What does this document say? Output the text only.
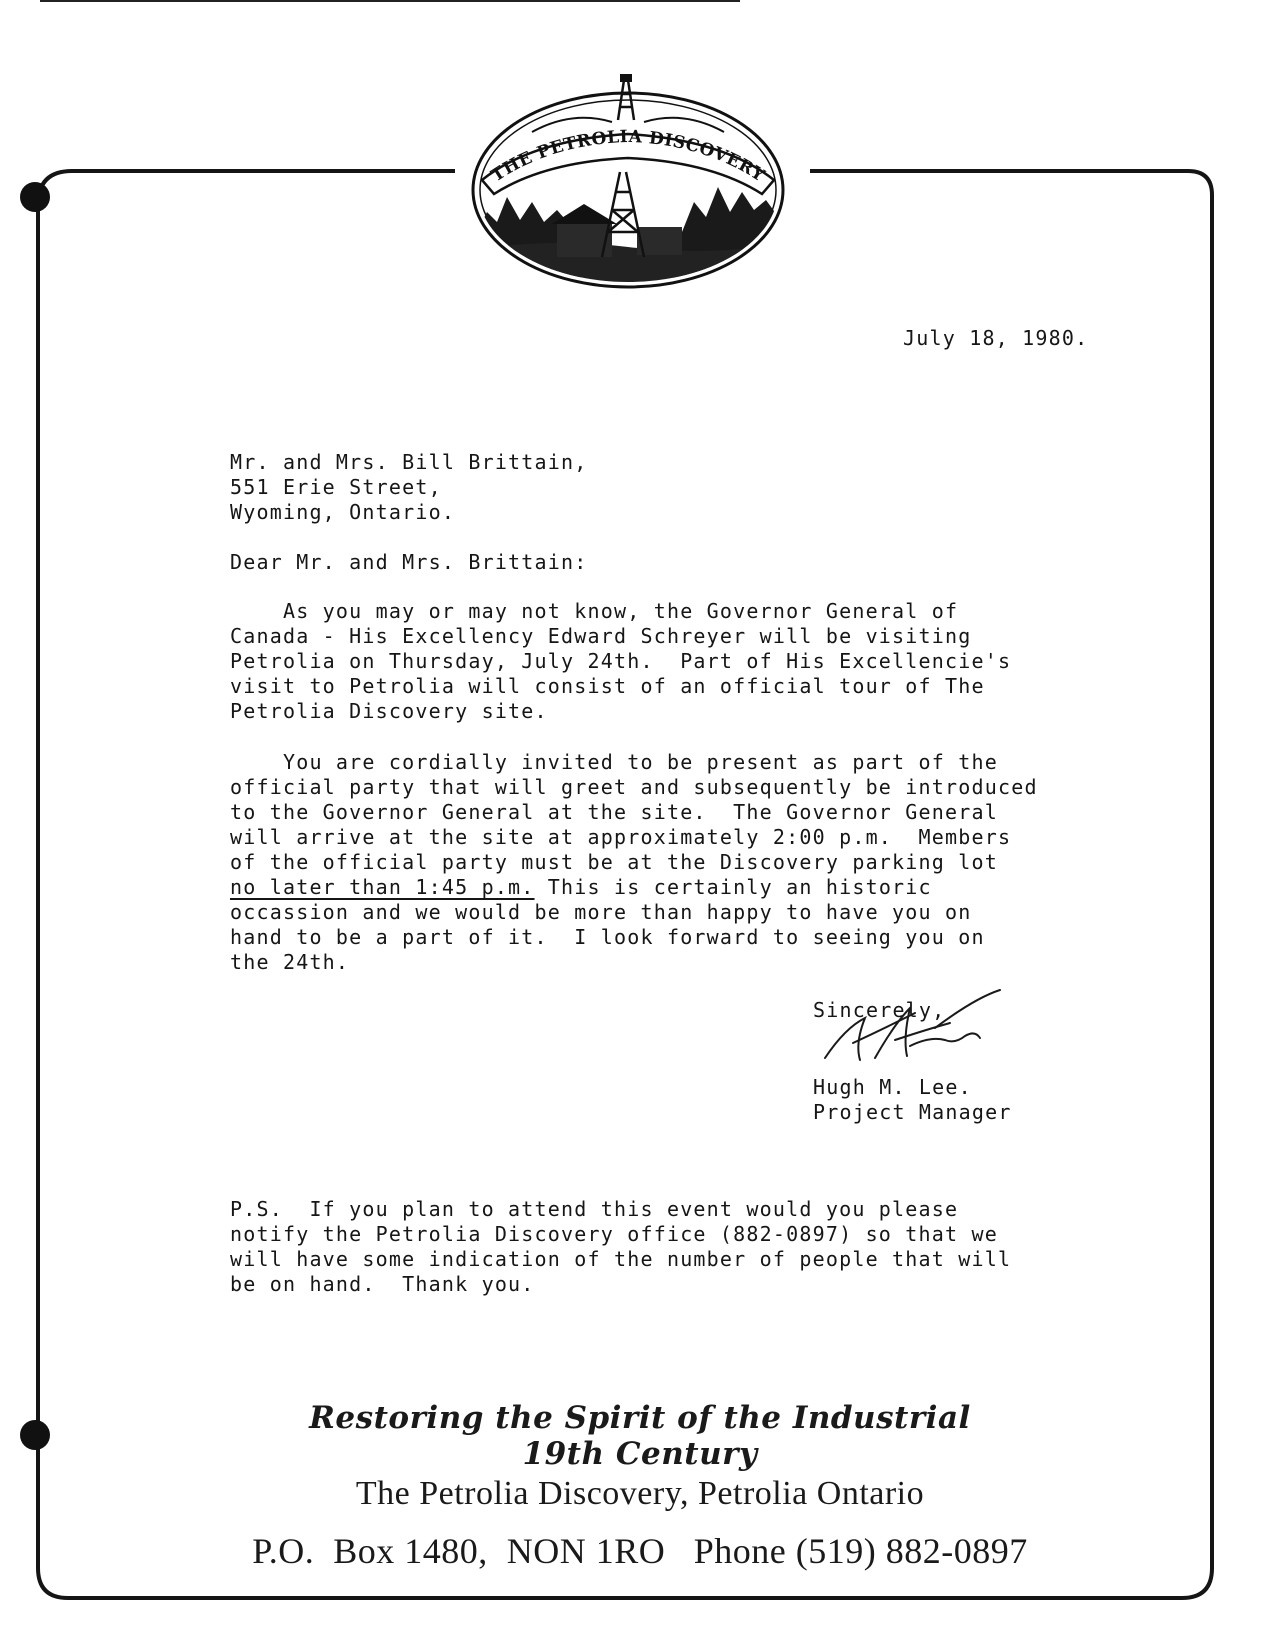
THE PETROLIA DISCOVERY
July 18, 1980.
Mr. and Mrs. Bill Brittain,
551 Erie Street,
Wyoming, Ontario.
Dear Mr. and Mrs. Brittain:
As you may or may not know, the Governor General of
Canada - His Excellency Edward Schreyer will be visiting
Petrolia on Thursday, July 24th.  Part of His Excellencie's
visit to Petrolia will consist of an official tour of The
Petrolia Discovery site.
You are cordially invited to be present as part of the
official party that will greet and subsequently be introduced
to the Governor General at the site.  The Governor General
will arrive at the site at approximately 2:00 p.m.  Members
of the official party must be at the Discovery parking lot
no later than 1:45 p.m. This is certainly an historic
occassion and we would be more than happy to have you on
hand to be a part of it.  I look forward to seeing you on
the 24th.
Sincerely,
Hugh M. Lee.
Project Manager
P.S.  If you plan to attend this event would you please
notify the Petrolia Discovery office (882-0897) so that we
will have some indication of the number of people that will
be on hand.  Thank you.
Restoring the Spirit of the Industrial 19th Century
The Petrolia Discovery, Petrolia Ontario
P.O.  Box 1480,  NON 1RO   Phone (519) 882-0897
